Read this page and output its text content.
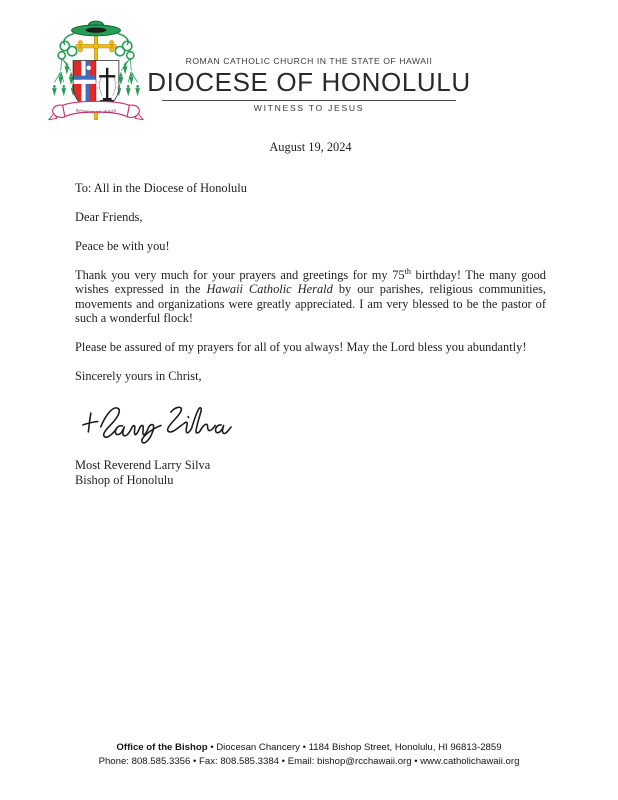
WITNESS TO JESUS
ROMAN CATHOLIC CHURCH IN THE STATE OF HAWAII
DIOCESE OF HONOLULU
WITNESS TO JESUS

August 19, 2024

To: All in the Diocese of Honolulu

Dear Friends,

Peace be with you!

Thank you very much for your prayers and greetings for my 75th birthday! The many good wishes expressed in the Hawaii Catholic Herald by our parishes, religious communities, movements and organizations were greatly appreciated. I am very blessed to be the pastor of such a wonderful flock!

Please be assured of my prayers for all of you always! May the Lord bless you abundantly!

Sincerely yours in Christ,

Most Reverend Larry Silva
Bishop of Honolulu
Office of the Bishop • Diocesan Chancery • 1184 Bishop Street, Honolulu, HI 96813-2859
Phone: 808.585.3356 • Fax: 808.585.3384 • Email: bishop@rcchawaii.org • www.catholichawaii.org
